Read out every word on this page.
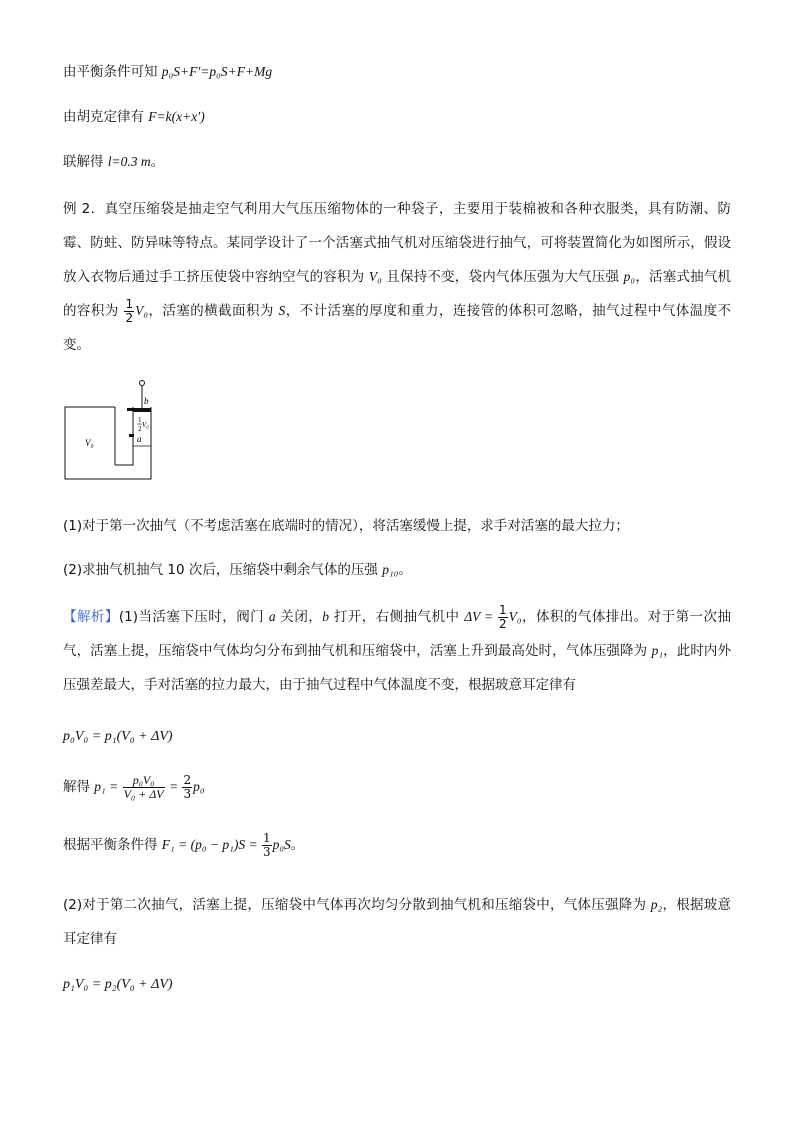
由平衡条件可知 p₀S+F′=p₀S+F+Mg
由胡克定律有 F=k(x+x′)
联解得 l=0.3 m。
例 2．真空压缩袋是抽走空气利用大气压压缩物体的一种袋子，主要用于装棉被和各种衣服类，具有防潮、防霉、防蛀、防异味等特点。某同学设计了一个活塞式抽气机对压缩袋进行抽气，可将装置简化为如图所示，假设放入衣物后通过手工挤压使袋中容纳空气的容积为 V₀ 且保持不变，袋内气体压强为大气压强 p₀，活塞式抽气机的容积为 $\frac{1}{2} V_0$，活塞的横截面积为 S，不计活塞的厚度和重力，连接管的体积可忽略，抽气过程中气体温度不变。
V₀
b
a
1
2 V₀
(1)对于第一次抽气（不考虑活塞在底端时的情况），将活塞缓慢上提，求手对活塞的最大拉力；
(2)求抽气机抽气 10 次后，压缩袋中剩余气体的压强 p₁₀。
【解析】(1)当活塞下压时，阀门 a 关闭，b 打开，右侧抽气机中 $\Delta V = \frac{1}{2} V_0$，体积的气体排出。对于第一次抽气，活塞上提，压缩袋中气体均匀分布到抽气机和压缩袋中，活塞上升到最高处时，气体压强降为 p₁，此时内外压强差最大，手对活塞的拉力最大，由于抽气过程中气体温度不变，根据玻意耳定律有
p₀V₀ = p₁(V₀ + ΔV)
解得 $p_1 = \frac{\text{p₀V₀}}{\text{V₀ + ΔV}} = \frac{2}{3} p_0$
根据平衡条件得 $F_1 = (p_0 - p_1)S = \frac{1}{3} p_0S$。
(2)对于第二次抽气，活塞上提，压缩袋中气体再次均匀分散到抽气机和压缩袋中，气体压强降为 p₂，根据玻意耳定律有
p₁V₀ = p₂(V₀ + ΔV)
